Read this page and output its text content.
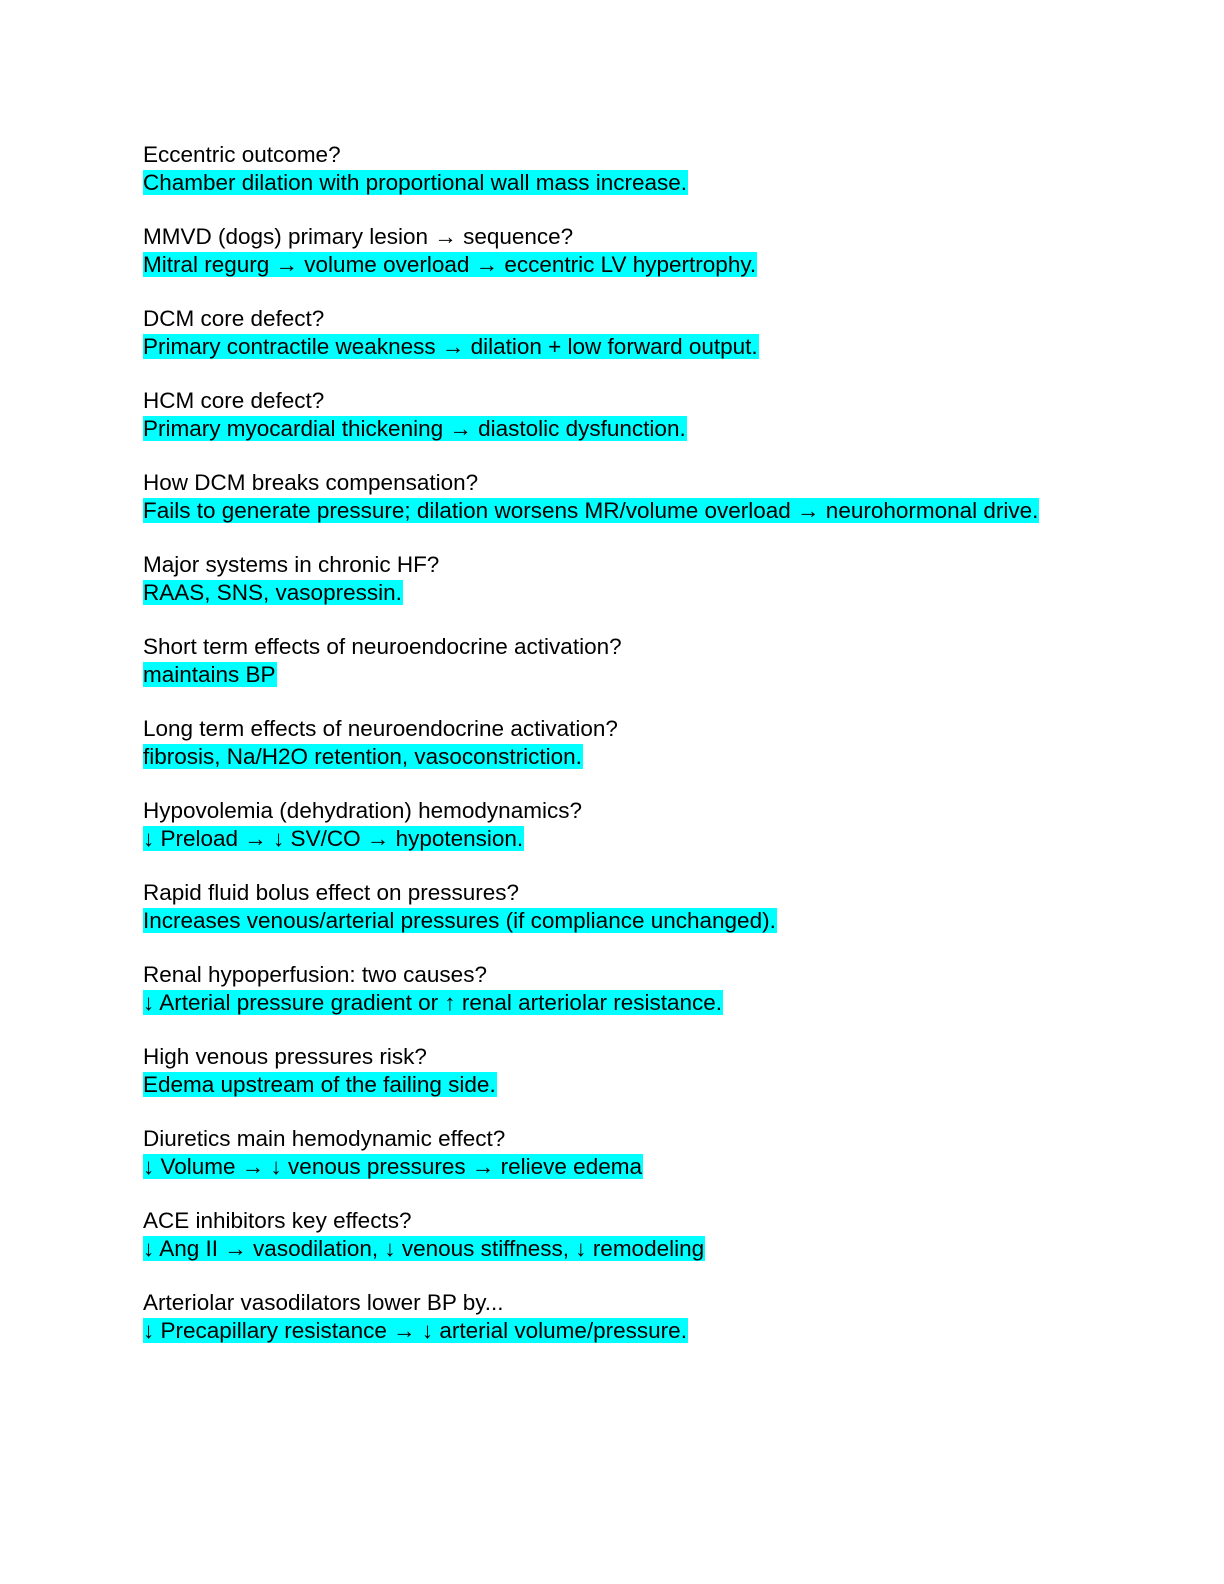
Eccentric outcome?

Chamber dilation with proportional wall mass increase.

MMVD (dogs) primary lesion → sequence?

Mitral regurg → volume overload → eccentric LV hypertrophy.

DCM core defect?

Primary contractile weakness → dilation + low forward output.

HCM core defect?

Primary myocardial thickening → diastolic dysfunction.

How DCM breaks compensation?

Fails to generate pressure; dilation worsens MR/volume overload → neurohormonal drive.

Major systems in chronic HF?

RAAS, SNS, vasopressin.

Short term effects of neuroendocrine activation?

maintains BP

Long term effects of neuroendocrine activation?

fibrosis, Na/H2O retention, vasoconstriction.

Hypovolemia (dehydration) hemodynamics?

↓ Preload → ↓ SV/CO → hypotension.

Rapid fluid bolus effect on pressures?

Increases venous/arterial pressures (if compliance unchanged).

Renal hypoperfusion: two causes?

↓ Arterial pressure gradient or ↑ renal arteriolar resistance.

High venous pressures risk?

Edema upstream of the failing side.

Diuretics main hemodynamic effect?

↓ Volume → ↓ venous pressures → relieve edema

ACE inhibitors key effects?

↓ Ang II → vasodilation, ↓ venous stiffness, ↓ remodeling

Arteriolar vasodilators lower BP by...

↓ Precapillary resistance → ↓ arterial volume/pressure.
